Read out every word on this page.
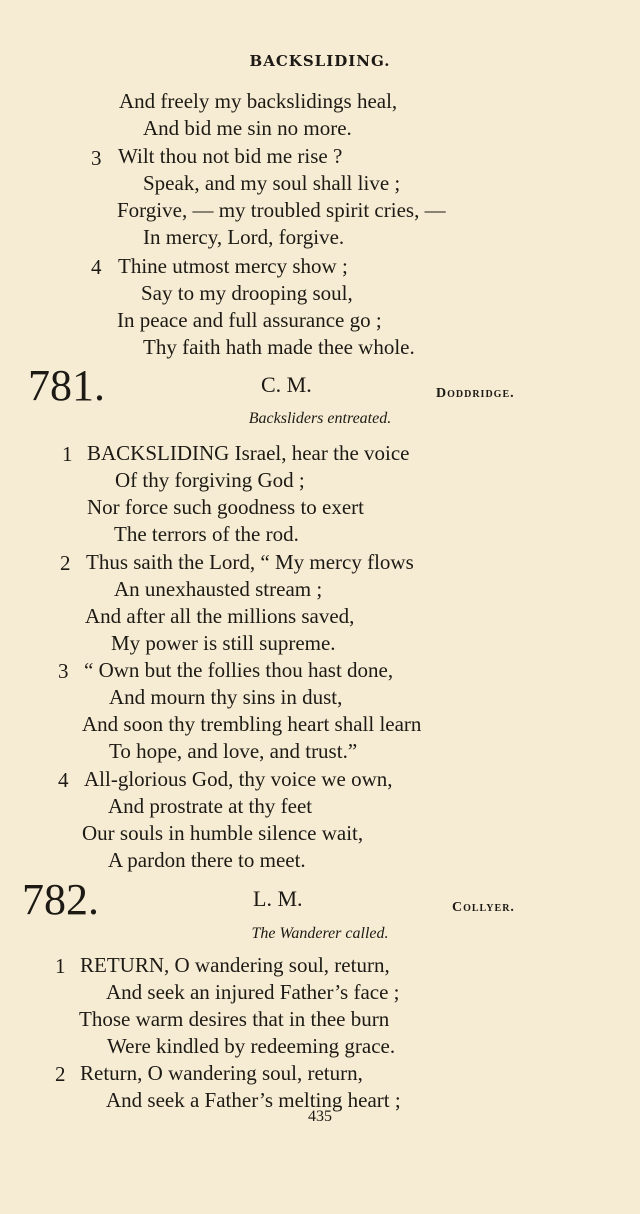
BACKSLIDING.
And freely my backslidings heal,
And bid me sin no more.
3 Wilt thou not bid me rise ?
Speak, and my soul shall live ;
Forgive, — my troubled spirit cries, —
In mercy, Lord, forgive.
4 Thine utmost mercy show ;
Say to my drooping soul,
In peace and full assurance go ;
Thy faith hath made thee whole.
781.	C. M.	Doddridge.
Backsliders entreated.
1 BACKSLIDING Israel, hear the voice
Of thy forgiving God ;
Nor force such goodness to exert
The terrors of the rod.
2 Thus saith the Lord, “ My mercy flows
An unexhausted stream ;
And after all the millions saved,
My power is still supreme.
3 “ Own but the follies thou hast done,
And mourn thy sins in dust,
And soon thy trembling heart shall learn
To hope, and love, and trust.”
4 All-glorious God, thy voice we own,
And prostrate at thy feet
Our souls in humble silence wait,
A pardon there to meet.
782.	L. M.	Collyer.
The Wanderer called.
1 RETURN, O wandering soul, return,
And seek an injured Father’s face ;
Those warm desires that in thee burn
Were kindled by redeeming grace.
2 Return, O wandering soul, return,
And seek a Father’s melting heart ;
435
